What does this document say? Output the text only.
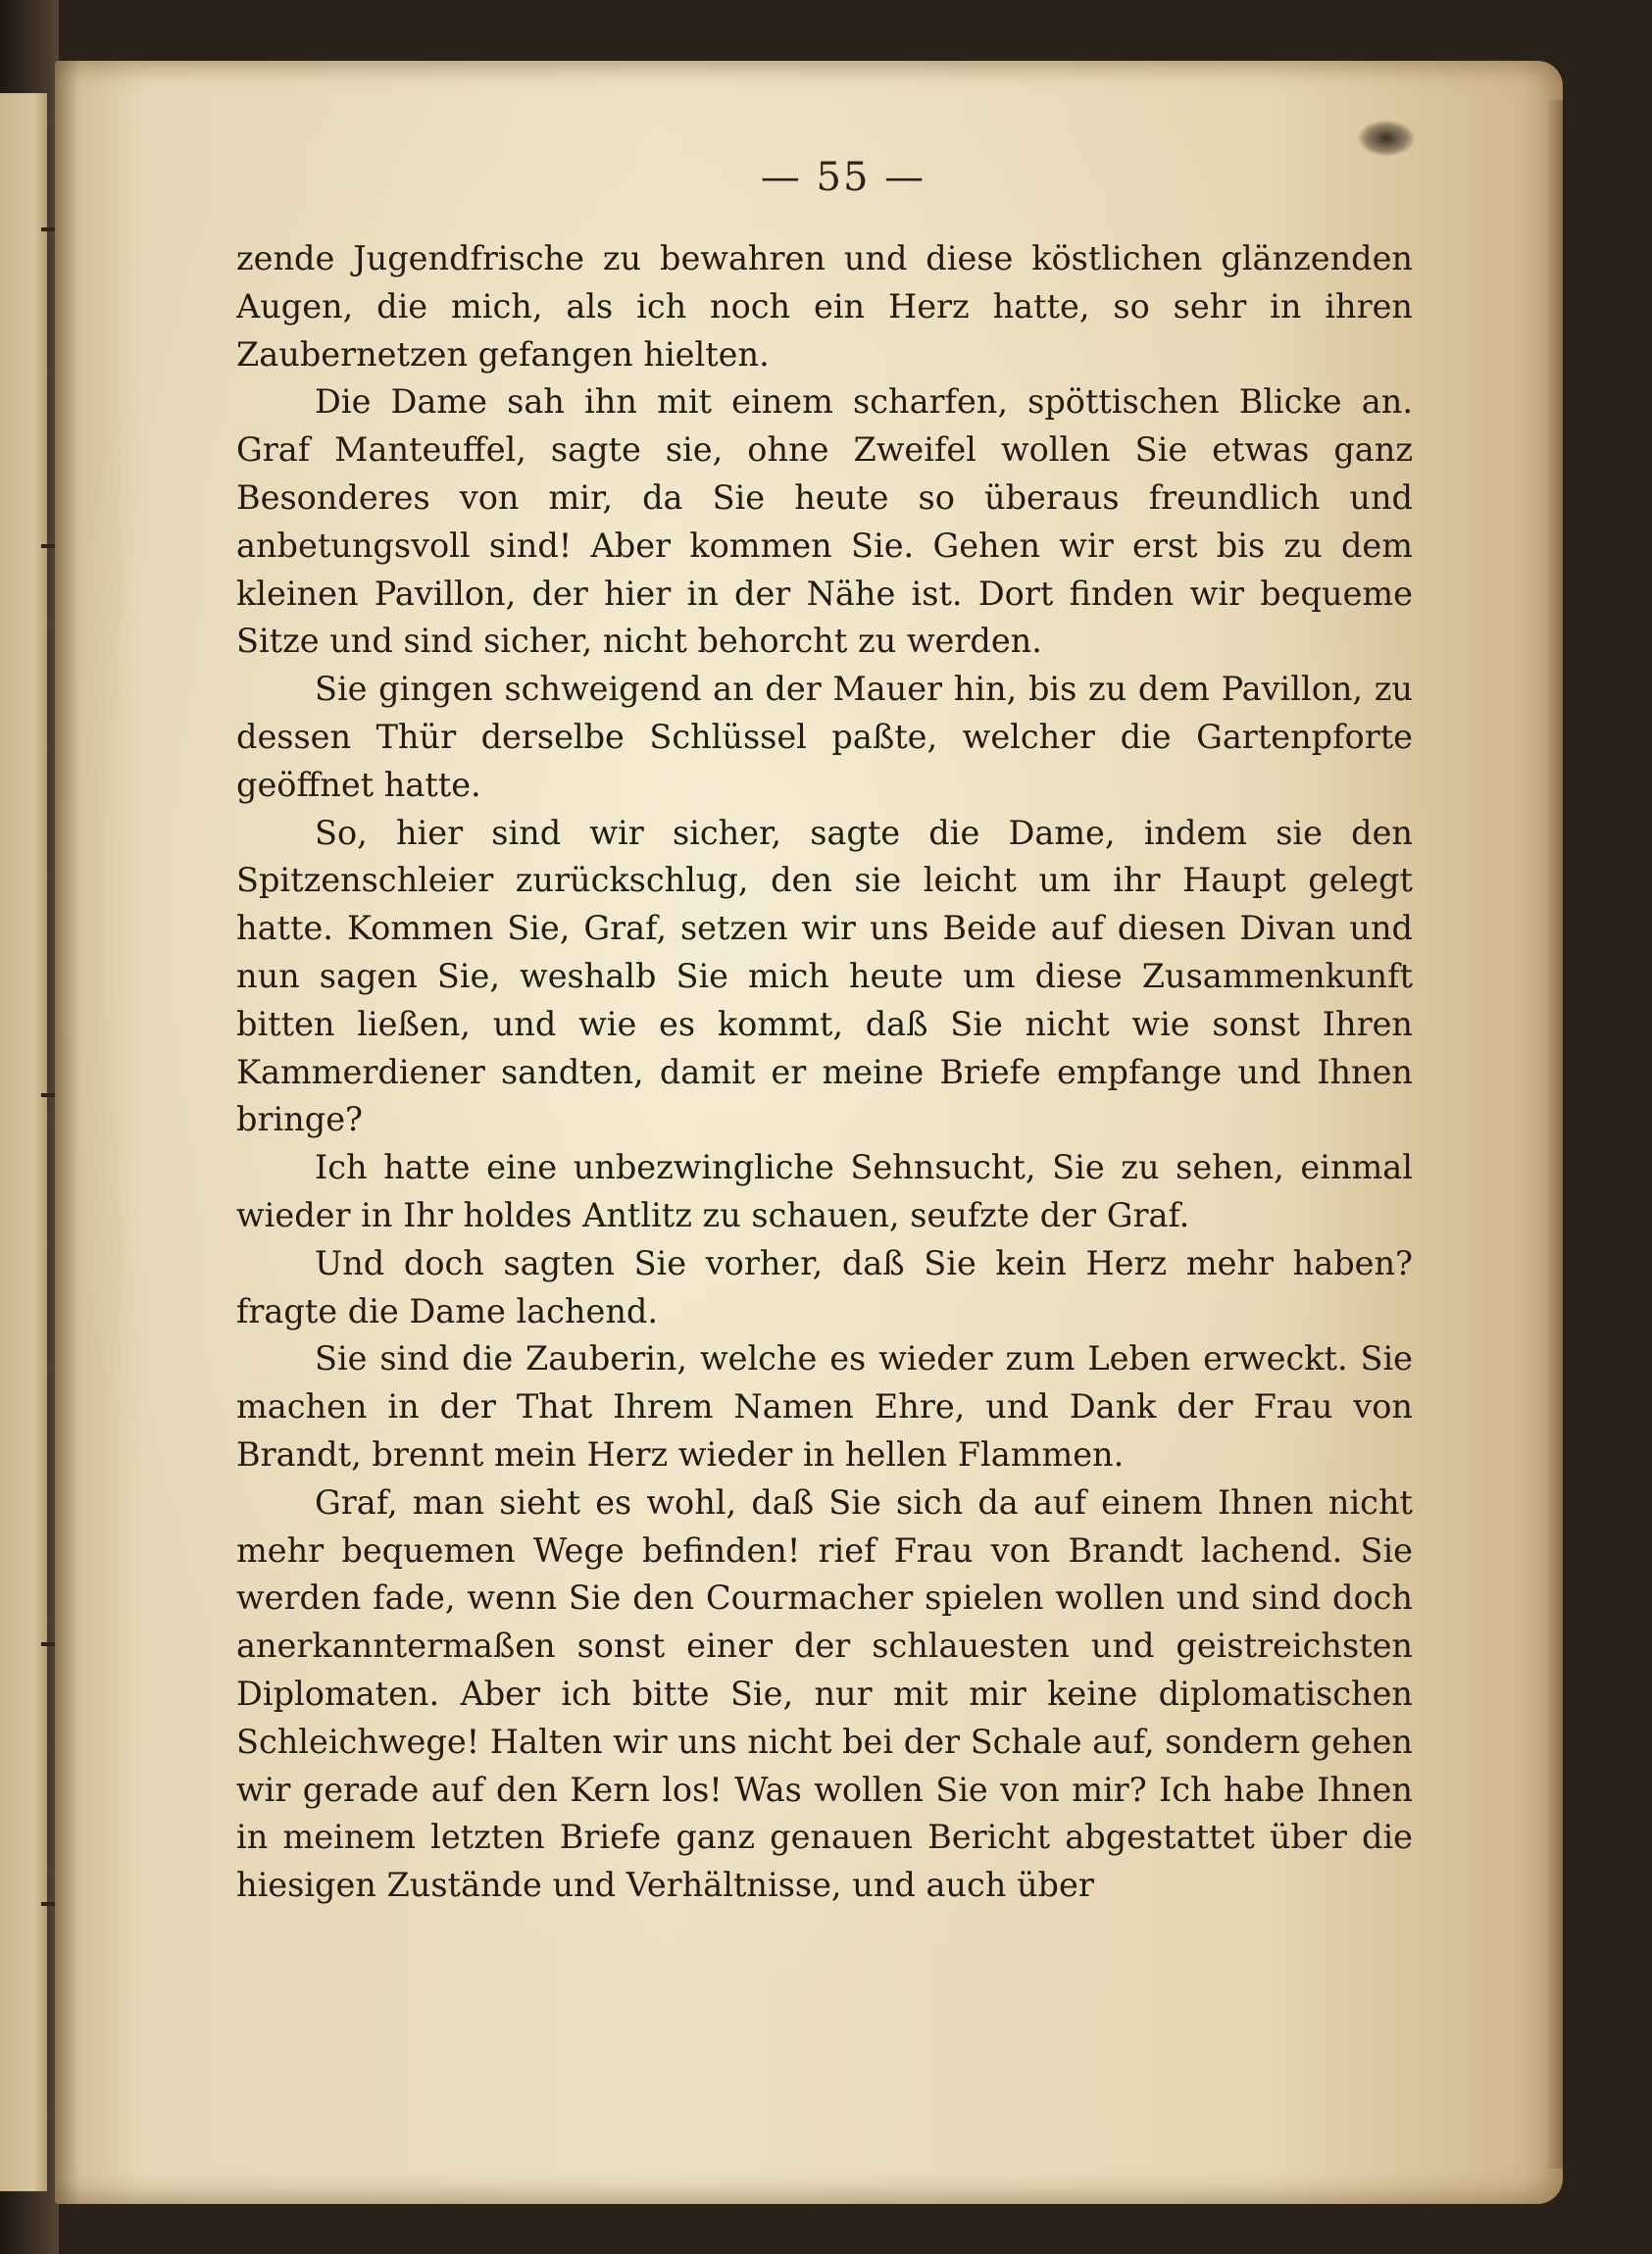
— 55 —

zende Jugendfrische zu bewahren und diese köstlichen glänzenden Augen, die mich, als ich noch ein Herz hatte, so sehr in ihren Zaubernetzen gefangen hielten.

Die Dame sah ihn mit einem scharfen, spöttischen Blicke an. Graf Manteuffel, sagte sie, ohne Zweifel wollen Sie etwas ganz Besonderes von mir, da Sie heute so überaus freundlich und anbetungsvoll sind! Aber kommen Sie. Gehen wir erst bis zu dem kleinen Pavillon, der hier in der Nähe ist. Dort finden wir bequeme Sitze und sind sicher, nicht behorcht zu werden.

Sie gingen schweigend an der Mauer hin, bis zu dem Pavillon, zu dessen Thür derselbe Schlüssel paßte, welcher die Gartenpforte geöffnet hatte.

So, hier sind wir sicher, sagte die Dame, indem sie den Spitzenschleier zurückschlug, den sie leicht um ihr Haupt gelegt hatte. Kommen Sie, Graf, setzen wir uns Beide auf diesen Divan und nun sagen Sie, weshalb Sie mich heute um diese Zusammenkunft bitten ließen, und wie es kommt, daß Sie nicht wie sonst Ihren Kammerdiener sandten, damit er meine Briefe empfange und Ihnen bringe?

Ich hatte eine unbezwingliche Sehnsucht, Sie zu sehen, einmal wieder in Ihr holdes Antlitz zu schauen, seufzte der Graf.

Und doch sagten Sie vorher, daß Sie kein Herz mehr haben? fragte die Dame lachend.

Sie sind die Zauberin, welche es wieder zum Leben erweckt. Sie machen in der That Ihrem Namen Ehre, und Dank der Frau von Brandt, brennt mein Herz wieder in hellen Flammen.

Graf, man sieht es wohl, daß Sie sich da auf einem Ihnen nicht mehr bequemen Wege befinden! rief Frau von Brandt lachend. Sie werden fade, wenn Sie den Courmacher spielen wollen und sind doch anerkanntermaßen sonst einer der schlauesten und geistreichsten Diplomaten. Aber ich bitte Sie, nur mit mir keine diplomatischen Schleichwege! Halten wir uns nicht bei der Schale auf, sondern gehen wir gerade auf den Kern los! Was wollen Sie von mir? Ich habe Ihnen in meinem letzten Briefe ganz genauen Bericht abgestattet über die hiesigen Zustände und Verhältnisse, und auch über
